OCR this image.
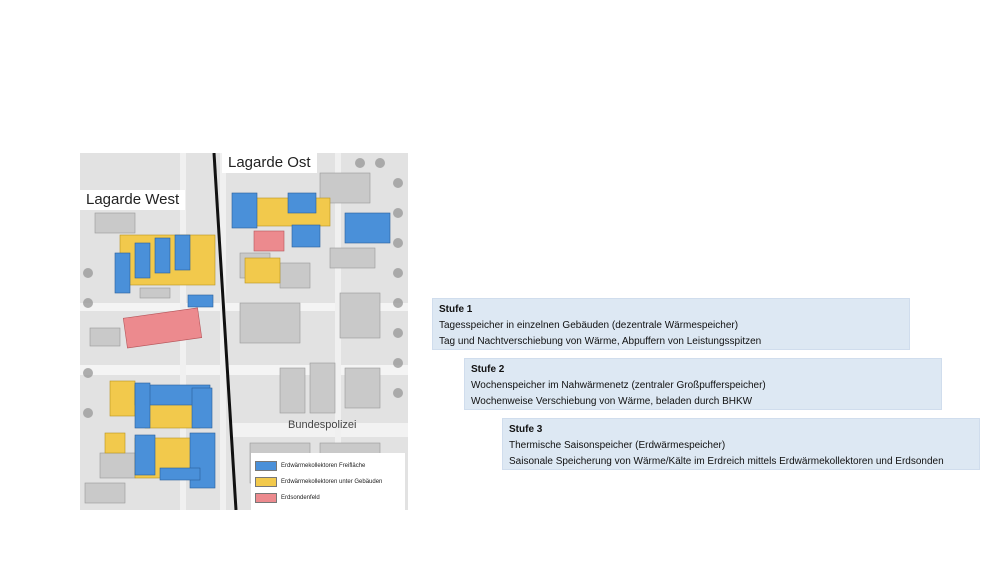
Lagarde Ost
Lagarde West
Bundespolizei
Erdwärmekollektoren Freifläche
Erdwärmekollektoren unter Gebäuden
Erdsondenfeld
Stufe 1
Tagesspeicher in einzelnen Gebäuden (dezentrale Wärmespeicher)
Tag und Nachtverschiebung von Wärme, Abpuffern von Leistungsspitzen
Stufe 2
Wochenspeicher im Nahwärmenetz (zentraler Großpufferspeicher)
Wochenweise Verschiebung von Wärme, beladen durch BHKW
Stufe 3
Thermische Saisonspeicher (Erdwärmespeicher)
Saisonale Speicherung von Wärme/Kälte im Erdreich mittels Erdwärmekollektoren und Erdsonden
